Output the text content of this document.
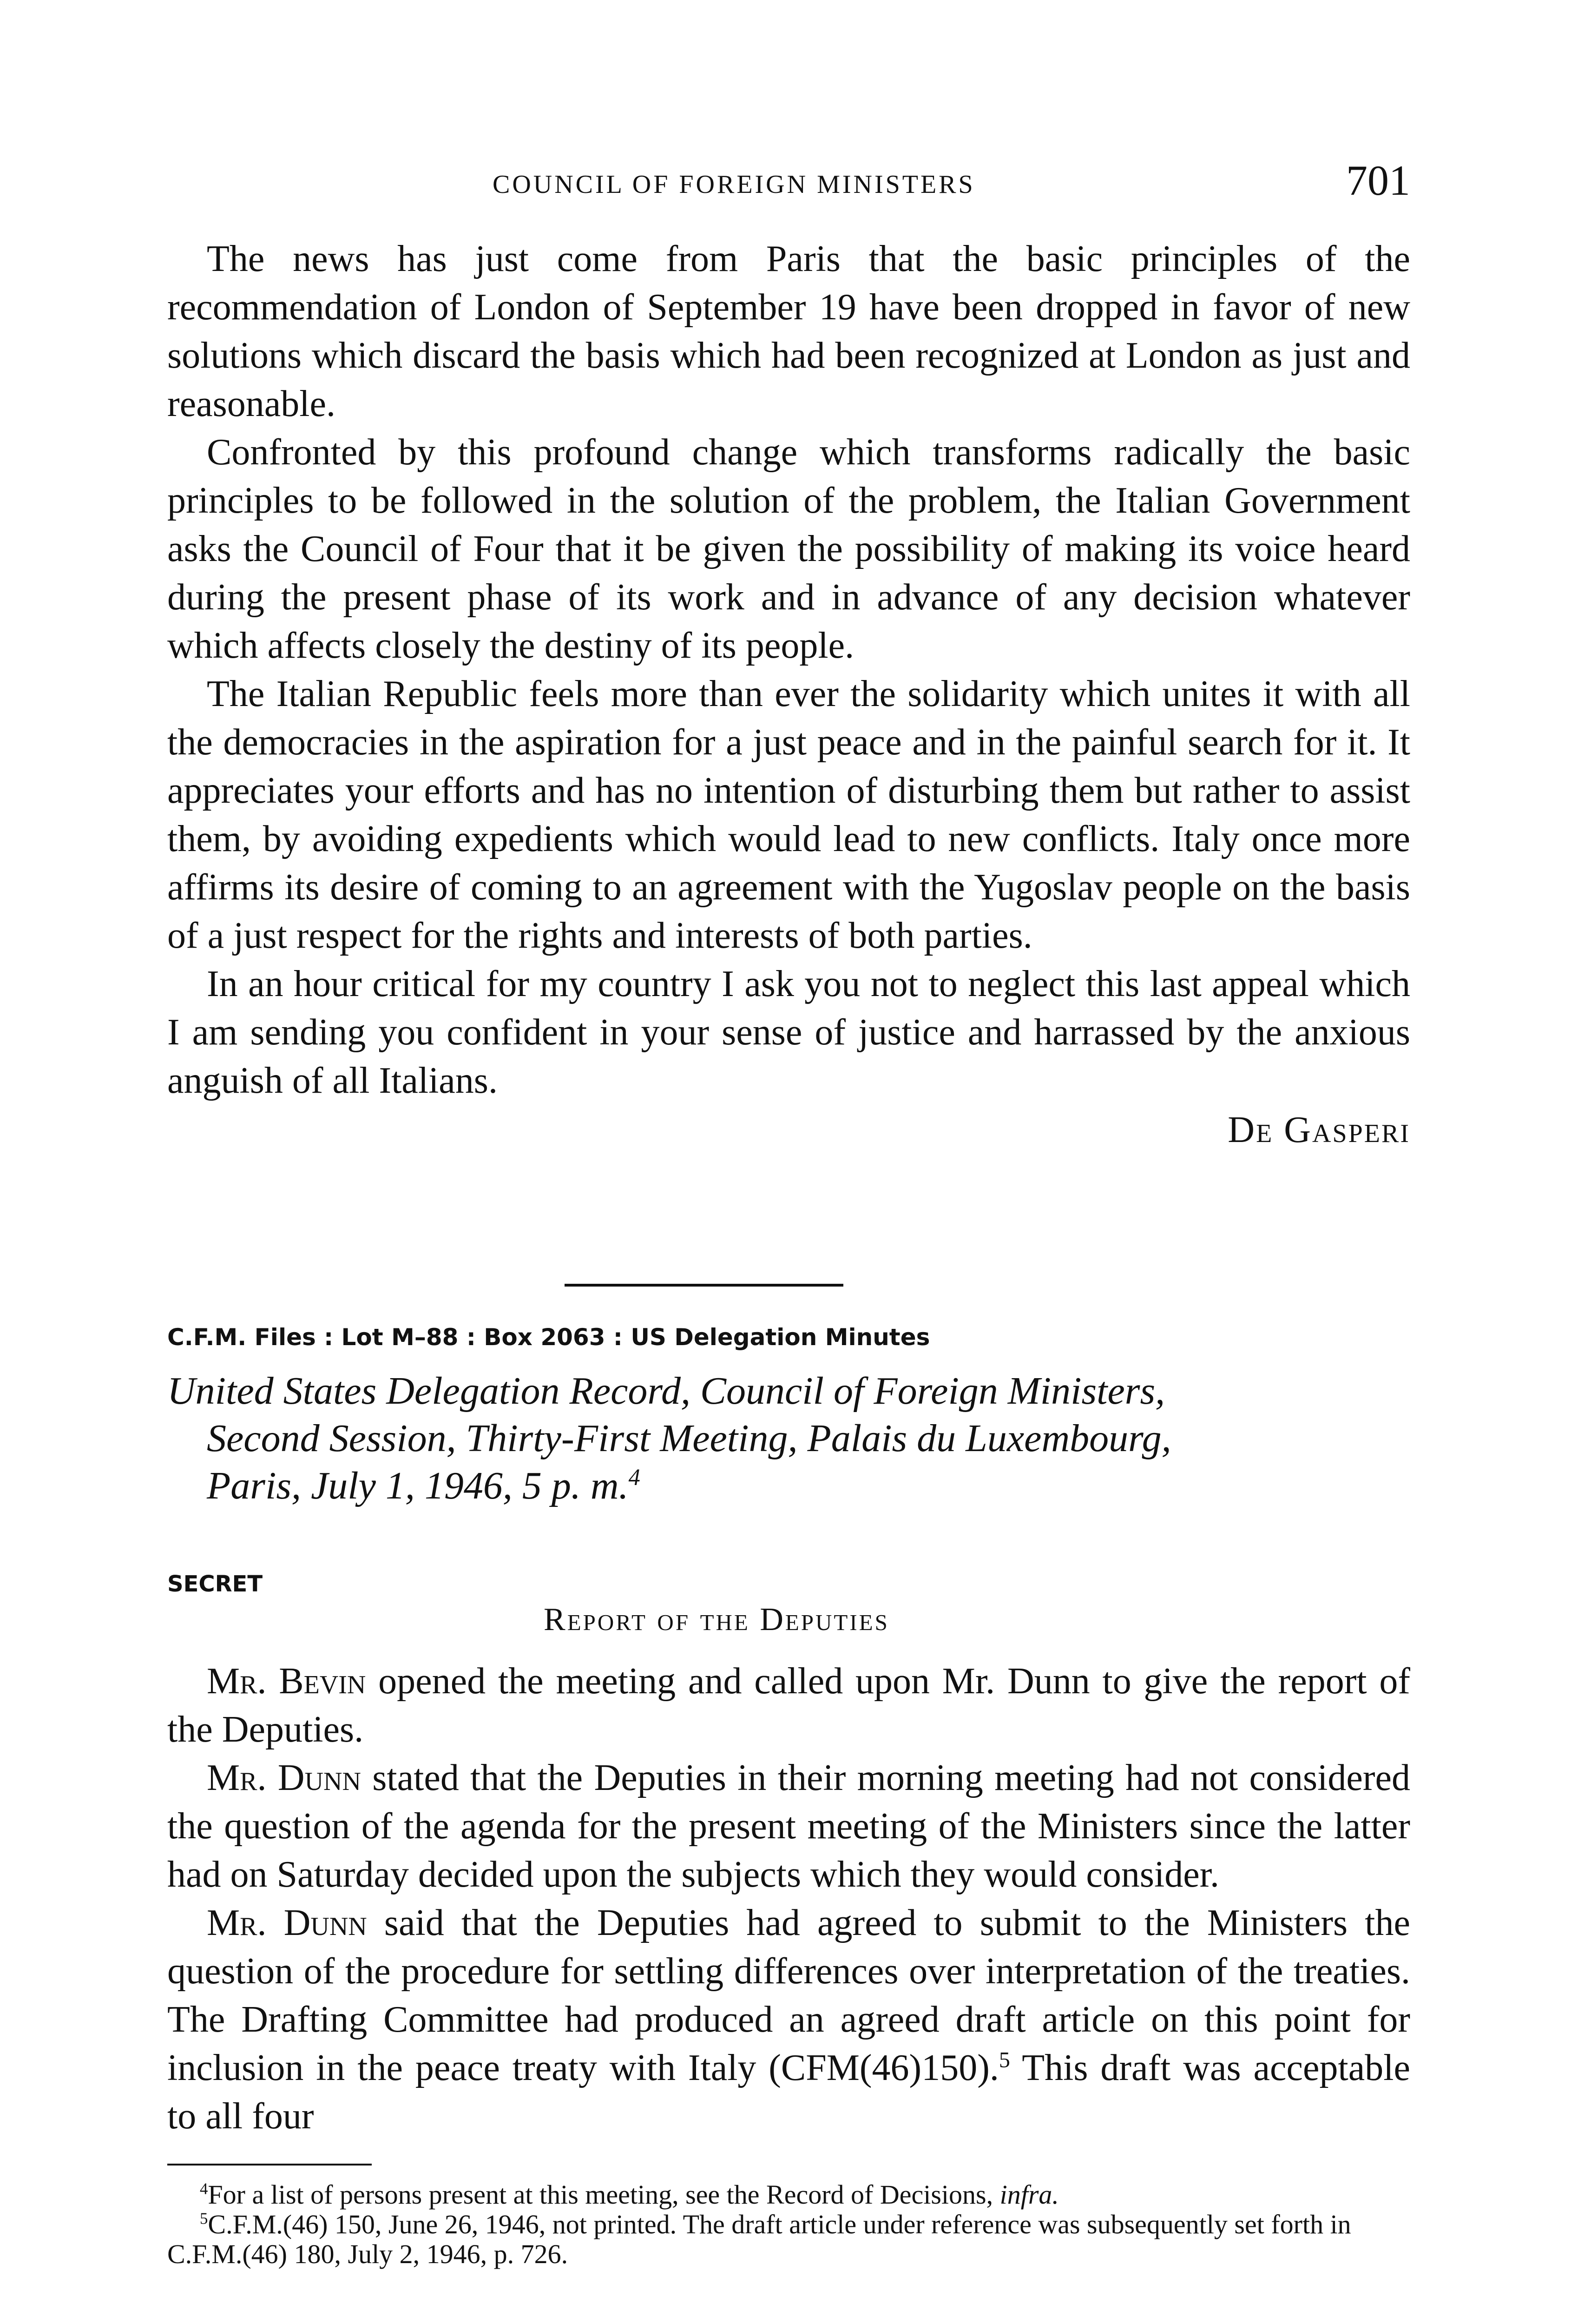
COUNCIL OF FOREIGN MINISTERS	701

The news has just come from Paris that the basic principles of the recommendation of London of September 19 have been dropped in favor of new solutions which discard the basis which had been recognized at London as just and reasonable.

Confronted by this profound change which transforms radically the basic principles to be followed in the solution of the problem, the Italian Government asks the Council of Four that it be given the possibility of making its voice heard during the present phase of its work and in advance of any decision whatever which affects closely the destiny of its people.

The Italian Republic feels more than ever the solidarity which unites it with all the democracies in the aspiration for a just peace and in the painful search for it. It appreciates your efforts and has no intention of disturbing them but rather to assist them, by avoiding expedients which would lead to new conflicts. Italy once more affirms its desire of coming to an agreement with the Yugoslav people on the basis of a just respect for the rights and interests of both parties.

In an hour critical for my country I ask you not to neglect this last appeal which I am sending you confident in your sense of justice and harrassed by the anxious anguish of all Italians.

De Gasperi
C.F.M. Files : Lot M–88 : Box 2063 : US Delegation Minutes
United States Delegation Record, Council of Foreign Ministers,
Second Session, Thirty-First Meeting, Palais du Luxembourg,
Paris, July 1, 1946, 5 p. m.$^4$
SECRET
Report of the Deputies

Mr. Bevin opened the meeting and called upon Mr. Dunn to give the report of the Deputies.

Mr. Dunn stated that the Deputies in their morning meeting had not considered the question of the agenda for the present meeting of the Ministers since the latter had on Saturday decided upon the subjects which they would consider.

Mr. Dunn said that the Deputies had agreed to submit to the Ministers the question of the procedure for settling differences over interpretation of the treaties. The Drafting Committee had produced an agreed draft article on this point for inclusion in the peace treaty with Italy (CFM(46)150).$^5$ This draft was acceptable to all four

$^4$For a list of persons present at this meeting, see the Record of Decisions, infra.

$^5$C.F.M.(46) 150, June 26, 1946, not printed. The draft article under reference was subsequently set forth in C.F.M.(46) 180, July 2, 1946, p. 726.
